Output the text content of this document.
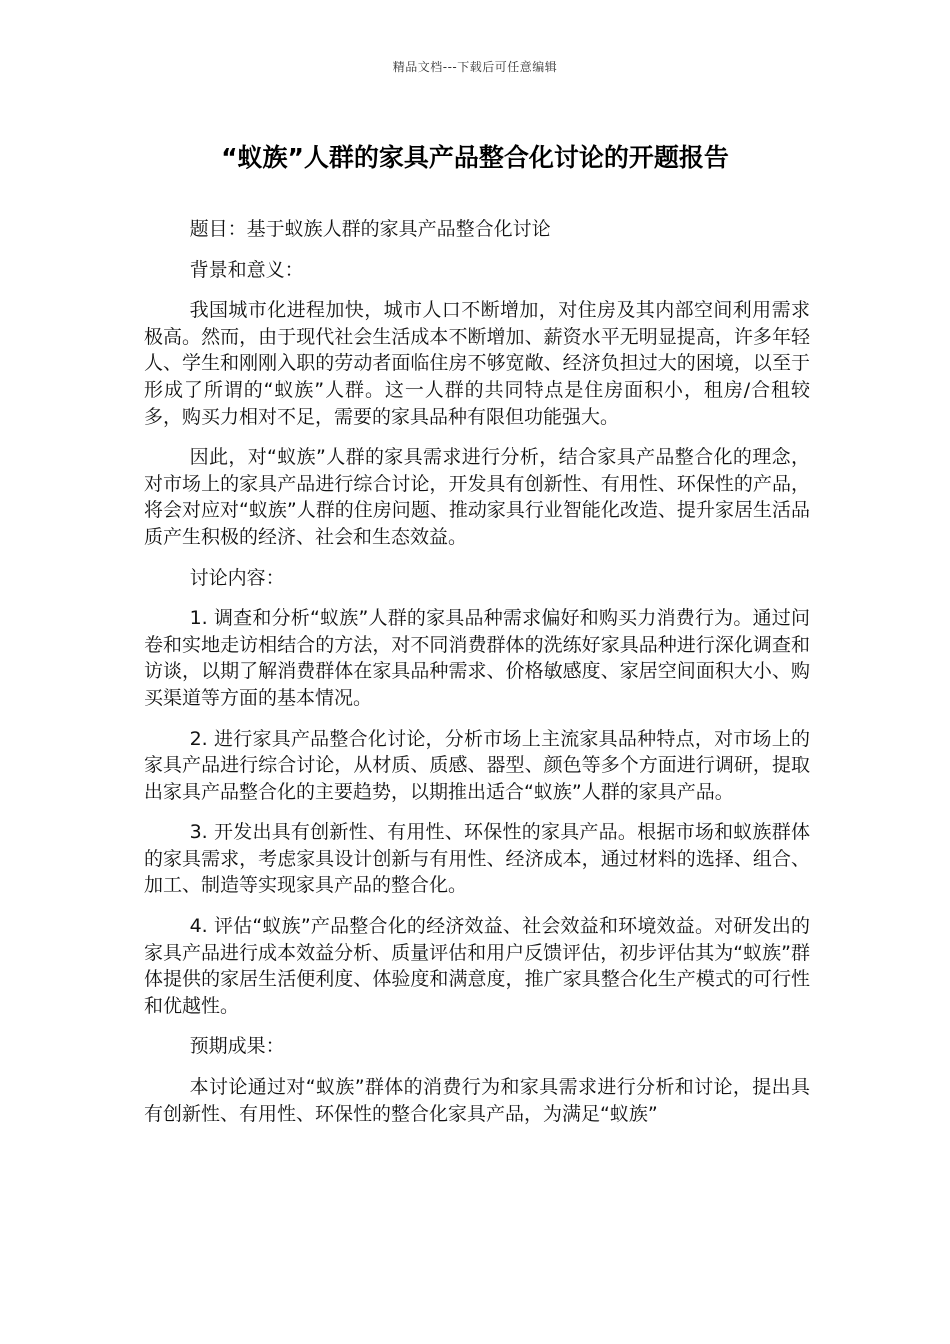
精品文档---下载后可任意编辑
“蚁族”人群的家具产品整合化讨论的开题报告

题目：基于蚁族人群的家具产品整合化讨论

背景和意义：

我国城市化进程加快，城市人口不断增加，对住房及其内部空间利用需求极高。然而，由于现代社会生活成本不断增加、薪资水平无明显提高，许多年轻人、学生和刚刚入职的劳动者面临住房不够宽敞、经济负担过大的困境，以至于形成了所谓的“蚁族”人群。这一人群的共同特点是住房面积小，租房/合租较多，购买力相对不足，需要的家具品种有限但功能强大。

因此，对“蚁族”人群的家具需求进行分析，结合家具产品整合化的理念，对市场上的家具产品进行综合讨论，开发具有创新性、有用性、环保性的产品，将会对应对“蚁族”人群的住房问题、推动家具行业智能化改造、提升家居生活品质产生积极的经济、社会和生态效益。

讨论内容：

1. 调查和分析“蚁族”人群的家具品种需求偏好和购买力消费行为。通过问卷和实地走访相结合的方法，对不同消费群体的洗练好家具品种进行深化调查和访谈，以期了解消费群体在家具品种需求、价格敏感度、家居空间面积大小、购买渠道等方面的基本情况。

2. 进行家具产品整合化讨论，分析市场上主流家具品种特点，对市场上的家具产品进行综合讨论，从材质、质感、器型、颜色等多个方面进行调研，提取出家具产品整合化的主要趋势，以期推出适合“蚁族”人群的家具产品。

3. 开发出具有创新性、有用性、环保性的家具产品。根据市场和蚁族群体的家具需求，考虑家具设计创新与有用性、经济成本，通过材料的选择、组合、加工、制造等实现家具产品的整合化。

4. 评估“蚁族”产品整合化的经济效益、社会效益和环境效益。对研发出的家具产品进行成本效益分析、质量评估和用户反馈评估，初步评估其为“蚁族”群体提供的家居生活便利度、体验度和满意度，推广家具整合化生产模式的可行性和优越性。

预期成果：

本讨论通过对“蚁族”群体的消费行为和家具需求进行分析和讨论，提出具有创新性、有用性、环保性的整合化家具产品，为满足“蚁族”
